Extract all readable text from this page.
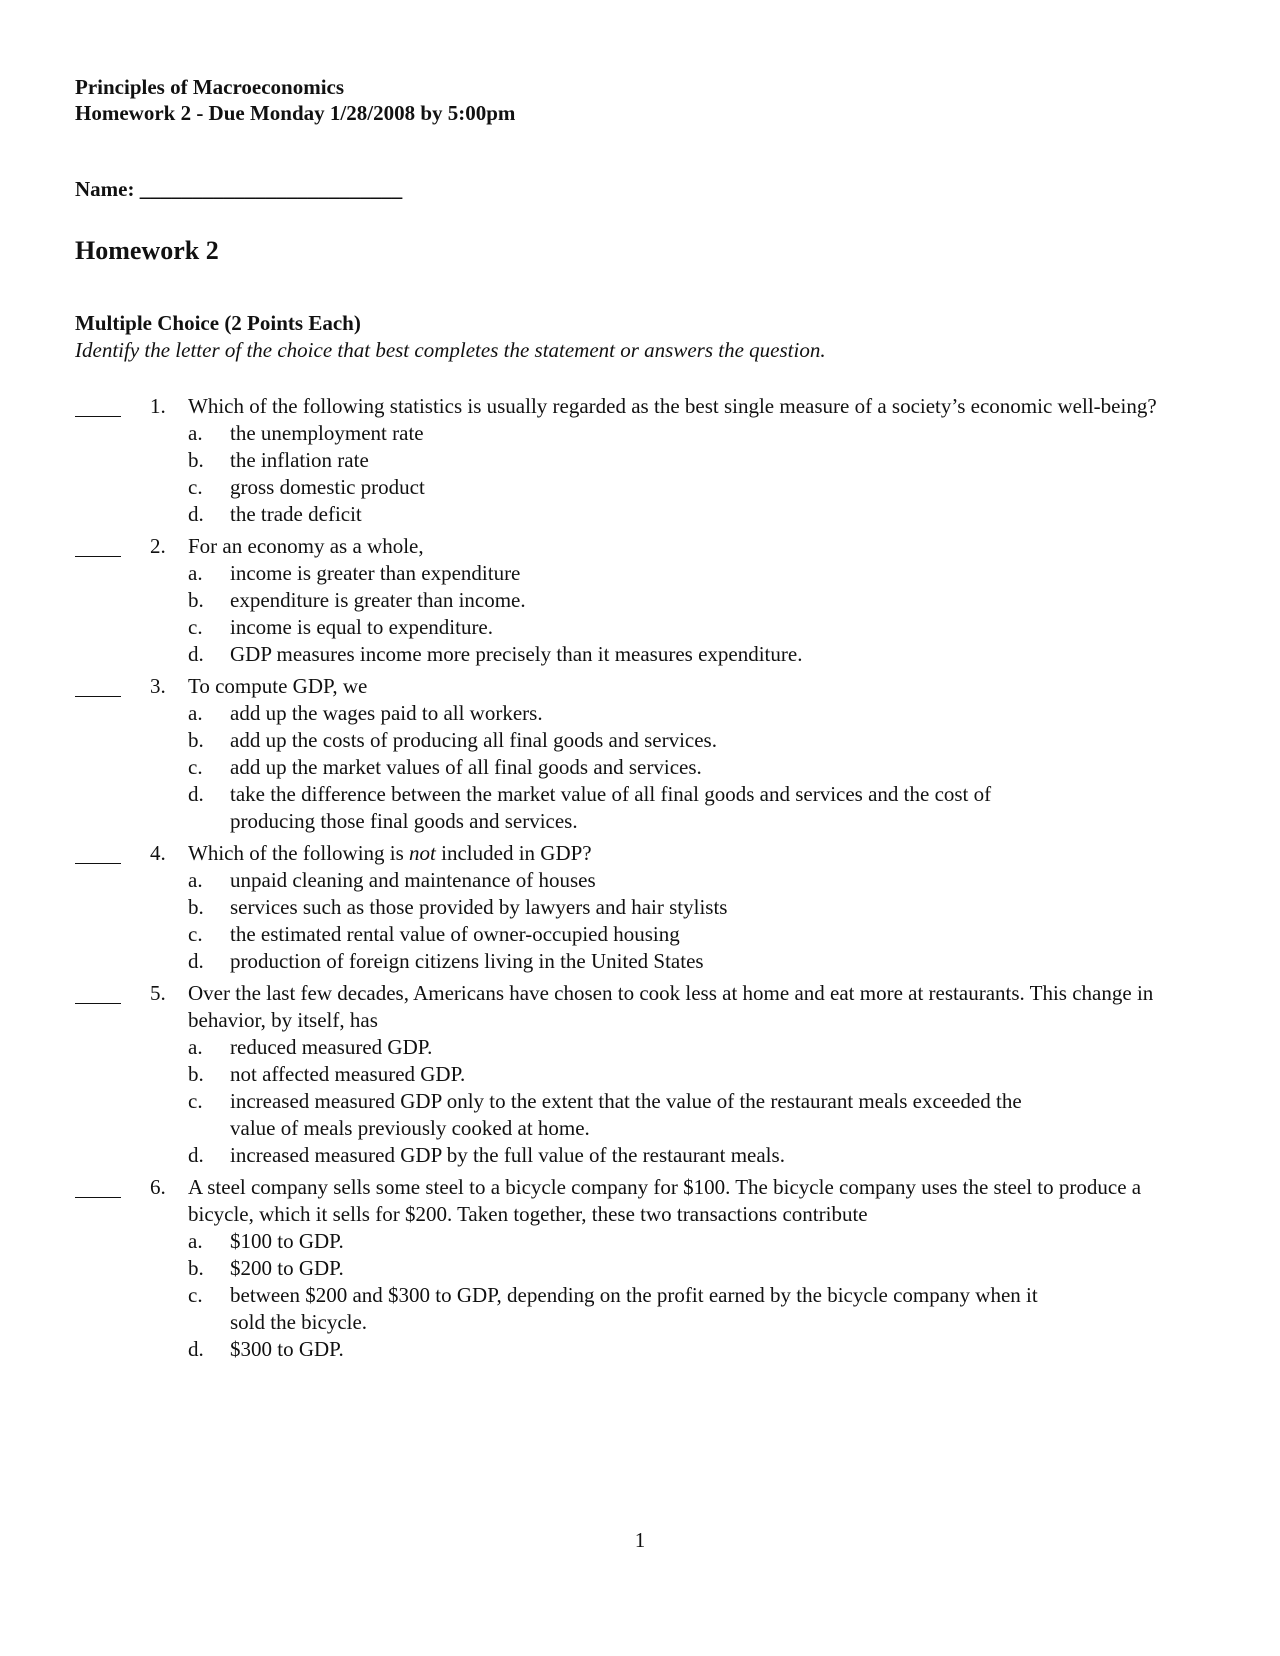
Principles of Macroeconomics
Homework 2 - Due Monday 1/28/2008 by 5:00pm
Name: _________________________
Homework 2
Multiple Choice (2 Points Each)
Identify the letter of the choice that best completes the statement or answers the question.
1.	Which of the following statistics is usually regarded as the best single measure of a society’s economic well-being?
a.	the unemployment rate
b.	the inflation rate
c.	gross domestic product
d.	the trade deficit
2.	For an economy as a whole,
a.	income is greater than expenditure
b.	expenditure is greater than income.
c.	income is equal to expenditure.
d.	GDP measures income more precisely than it measures expenditure.
3.	To compute GDP, we
a.	add up the wages paid to all workers.
b.	add up the costs of producing all final goods and services.
c.	add up the market values of all final goods and services.
d.	take the difference between the market value of all final goods and services and the cost of producing those final goods and services.
4.	Which of the following is not included in GDP?
a.	unpaid cleaning and maintenance of houses
b.	services such as those provided by lawyers and hair stylists
c.	the estimated rental value of owner-occupied housing
d.	production of foreign citizens living in the United States
5.	Over the last few decades, Americans have chosen to cook less at home and eat more at restaurants. This change in behavior, by itself, has
a.	reduced measured GDP.
b.	not affected measured GDP.
c.	increased measured GDP only to the extent that the value of the restaurant meals exceeded the value of meals previously cooked at home.
d.	increased measured GDP by the full value of the restaurant meals.
6.	A steel company sells some steel to a bicycle company for $100. The bicycle company uses the steel to produce a bicycle, which it sells for $200. Taken together, these two transactions contribute
a.	$100 to GDP.
b.	$200 to GDP.
c.	between $200 and $300 to GDP, depending on the profit earned by the bicycle company when it sold the bicycle.
d.	$300 to GDP.
1
